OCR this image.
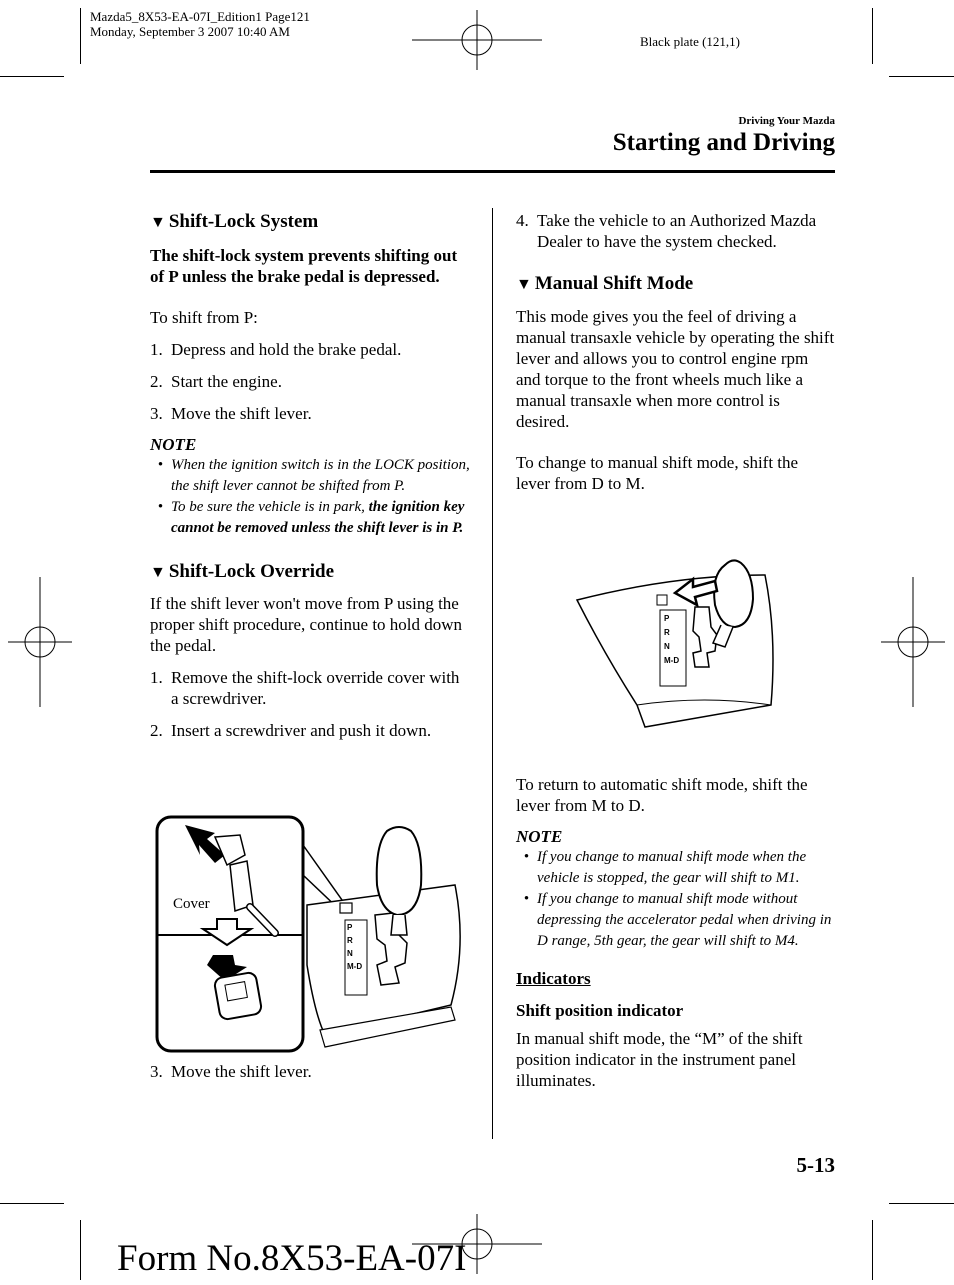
Mazda5_8X53-EA-07I_Edition1 Page121
Monday, September 3 2007 10:40 AM
Black plate (121,1)
Driving Your Mazda
Starting and Driving
▼ Shift-Lock System

The shift-lock system prevents shifting out of P unless the brake pedal is depressed.

To shift from P:

1. Depress and hold the brake pedal.
2. Start the engine.
3. Move the shift lever.
NOTE
• When the ignition switch is in the LOCK position, the shift lever cannot be shifted from P.
• To be sure the vehicle is in park, the ignition key cannot be removed unless the shift lever is in P.
▼ Shift-Lock Override

If the shift lever won't move from P using the proper shift procedure, continue to hold down the pedal.

1. Remove the shift-lock override cover with a screwdriver.
2. Insert a screwdriver and push it down.
Cover
P
R
N
M-D
3. Move the shift lever.
4. Take the vehicle to an Authorized Mazda Dealer to have the system checked.
▼ Manual Shift Mode

This mode gives you the feel of driving a manual transaxle vehicle by operating the shift lever and allows you to control engine rpm and torque to the front wheels much like a manual transaxle when more control is desired.

To change to manual shift mode, shift the lever from D to M.

P
R
N
M-D

To return to automatic shift mode, shift the lever from M to D.

NOTE
• If you change to manual shift mode when the vehicle is stopped, the gear will shift to M1.
• If you change to manual shift mode without depressing the accelerator pedal when driving in D range, 5th gear, the gear will shift to M4.
Indicators
Shift position indicator

In manual shift mode, the “M” of the shift position indicator in the instrument panel illuminates.

5-13
Form No.8X53-EA-07I
